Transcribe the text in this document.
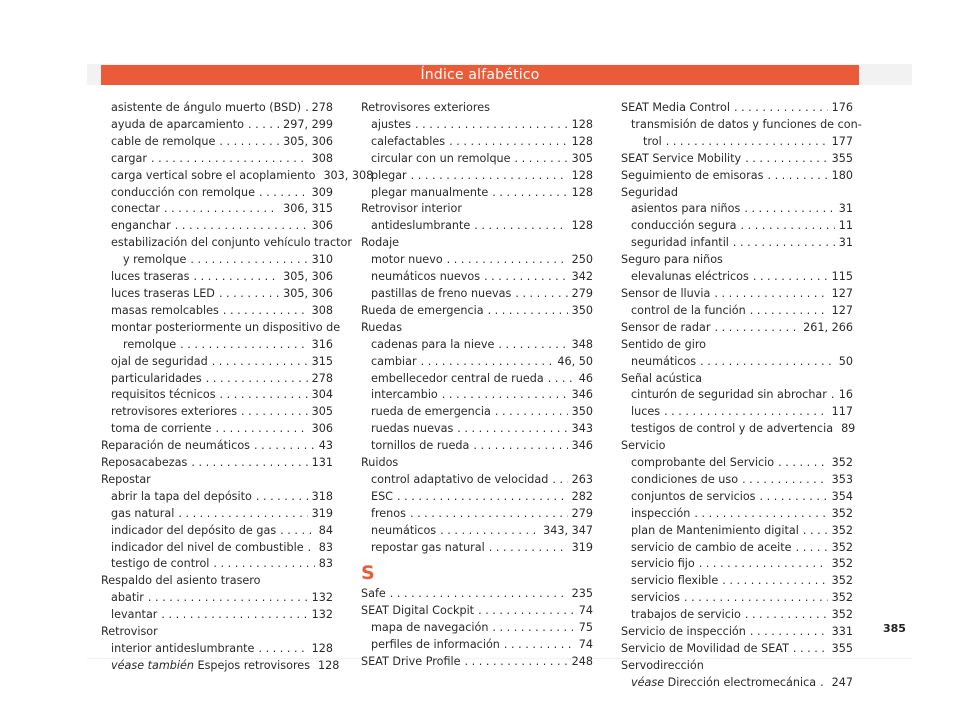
Índice alfabético
asistente de ángulo muerto (BSD) . . . 278
ayuda de aparcamiento . . .	297, 299
cable de remolque . . .	305, 306
cargar . . .	308
carga vertical sobre el acoplamiento 303, 308
conducción con remolque . . .	309
conectar . . .	306, 315
enganchar . . .	306
estabilización del conjunto vehículo tractor
y remolque . . .	310
luces traseras . . .	305, 306
luces traseras LED . . .	305, 306
masas remolcables . . .	308
montar posteriormente un dispositivo de
remolque . . .	316
ojal de seguridad . . .	315
particularidades . . .	278
requisitos técnicos . . .	304
retrovisores exteriores . . .	305
toma de corriente . . .	306
Reparación de neumáticos . . .	43
Reposacabezas . . .	131
Repostar
abrir la tapa del depósito . . .	318
gas natural . . .	319
indicador del depósito de gas . . .	84
indicador del nivel de combustible . . . 83
testigo de control . . .	83
Respaldo del asiento trasero
abatir . . .	132
levantar . . .	132
Retrovisor
interior antideslumbrante . . .	128
véase también Espejos retrovisores 128
Retrovisores exteriores
ajustes . . .	128
calefactables . . .	128
circular con un remolque . . .	305
plegar . . .	128
plegar manualmente . . .	128
Retrovisor interior
antideslumbrante . . .	128
Rodaje
motor nuevo . . .	250
neumáticos nuevos . . .	342
pastillas de freno nuevas . . .	279
Rueda de emergencia . . .	350
Ruedas
cadenas para la nieve . . .	348
cambiar . . .	46, 50
embellecedor central de rueda . . .	46
intercambio . . .	346
rueda de emergencia . . .	350
ruedas nuevas . . .	343
tornillos de rueda . . .	346
Ruidos
control adaptativo de velocidad . . . 263
ESC . . .	282
frenos . . .	279
neumáticos . . .	343, 347
repostar gas natural . . .	319
S
Safe . . .	235
SEAT Digital Cockpit . . .	74
mapa de navegación . . .	75
perfiles de información . . .	74
SEAT Drive Profile . . .	248
SEAT Media Control . . .	176
transmisión de datos y funciones de con-
trol . . .	177
SEAT Service Mobility . . .	355
Seguimiento de emisoras . . .	180
Seguridad
asientos para niños . . .	31
conducción segura . . .	11
seguridad infantil . . .	31
Seguro para niños
elevalunas eléctricos . . .	115
Sensor de lluvia . . .	127
control de la función . . .	127
Sensor de radar . . .	261, 266
Sentido de giro
neumáticos . . .	50
Señal acústica
cinturón de seguridad sin abrochar . . . 16
luces . . .	117
testigos de control y de advertencia 89
Servicio
comprobante del Servicio . . .	352
condiciones de uso . . .	353
conjuntos de servicios . . .	354
inspección . . .	352
plan de Mantenimiento digital . . .	352
servicio de cambio de aceite . . .	352
servicio fijo . . .	352
servicio flexible . . .	352
servicios . . .	352
trabajos de servicio . . .	352
Servicio de inspección . . .	331
Servicio de Movilidad de SEAT . . .	355
Servodirección
véase Dirección electromecánica . . . 247
385
